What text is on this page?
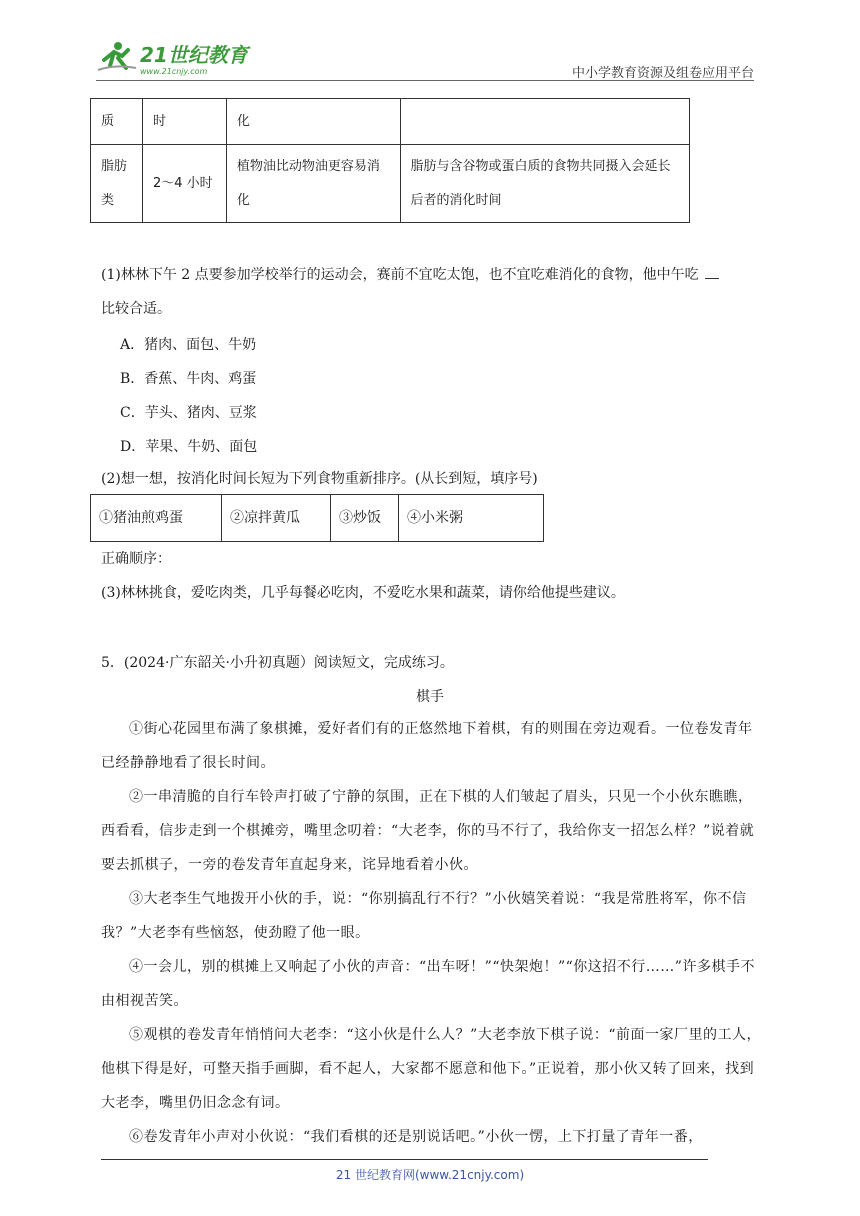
21世纪教育
www.21cnjy.com	中小学教育资源及组卷应用平台
质	时	化	
脂肪类	2～4 小时	植物油比动物油更容易消化	脂肪与含谷物或蛋白质的食物共同摄入会延长后者的消化时间
(1)林林下午 2 点要参加学校举行的运动会，赛前不宜吃太饱，也不宜吃难消化的食物，他中午吃
比较合适。
A．猪肉、面包、牛奶
B．香蕉、牛肉、鸡蛋
C．芋头、猪肉、豆浆
D．苹果、牛奶、面包
(2)想一想，按消化时间长短为下列食物重新排序。(从长到短，填序号)
①猪油煎鸡蛋	②凉拌黄瓜	③炒饭	④小米粥
正确顺序：
(3)林林挑食，爱吃肉类，几乎每餐必吃肉，不爱吃水果和蔬菜，请你给他提些建议。
5．(2024·广东韶关·小升初真题）阅读短文，完成练习。
棋手

①街心花园里布满了象棋摊，爱好者们有的正悠然地下着棋，有的则围在旁边观看。一位卷发青年已经静静地看了很长时间。

②一串清脆的自行车铃声打破了宁静的氛围，正在下棋的人们皱起了眉头，只见一个小伙东瞧瞧，西看看，信步走到一个棋摊旁，嘴里念叨着：“大老李，你的马不行了，我给你支一招怎么样？”说着就要去抓棋子，一旁的卷发青年直起身来，诧异地看着小伙。

③大老李生气地拨开小伙的手，说：“你别搞乱行不行？”小伙嬉笑着说：“我是常胜将军，你不信我？”大老李有些恼怒，使劲瞪了他一眼。

④一会儿，别的棋摊上又响起了小伙的声音：“出车呀！”“快架炮！”“你这招不行……”许多棋手不由相视苦笑。

⑤观棋的卷发青年悄悄问大老李：“这小伙是什么人？”大老李放下棋子说：“前面一家厂里的工人，他棋下得是好，可整天指手画脚，看不起人，大家都不愿意和他下。”正说着，那小伙又转了回来，找到大老李，嘴里仍旧念念有词。

⑥卷发青年小声对小伙说：“我们看棋的还是别说话吧。”小伙一愣，上下打量了青年一番，

21 世纪教育网(www.21cnjy.com)
